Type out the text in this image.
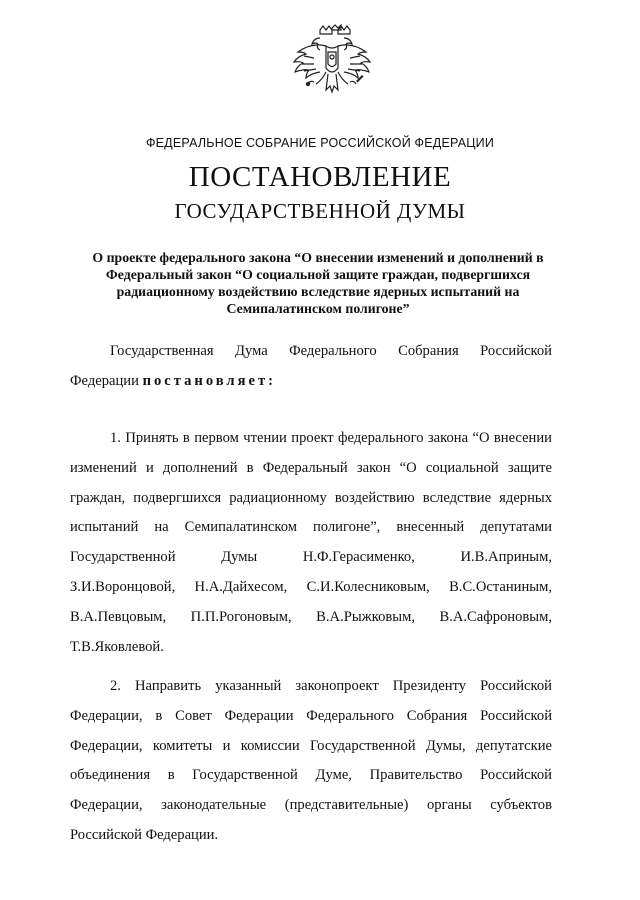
ФЕДЕРАЛЬНОЕ СОБРАНИЕ РОССИЙСКОЙ ФЕДЕРАЦИИ
ПОСТАНОВЛЕНИЕ
ГОСУДАРСТВЕННОЙ ДУМЫ
О проекте федерального закона “О внесении изменений и дополнений в
Федеральный закон “О социальной защите граждан, подвергшихся
радиационному воздействию вследствие ядерных испытаний на
Семипалатинском полигоне”
Государственная Дума Федерального Собрания Российской
Федерации постановляет:
1. Принять в первом чтении проект федерального закона “О внесении
изменений и дополнений в Федеральный закон “О социальной защите
граждан, подвергшихся радиационному воздействию вследствие ядерных
испытаний на Семипалатинском полигоне”, внесенный депутатами
Государственной Думы Н.Ф.Герасименко, И.В.Априным,
З.И.Воронцовой, Н.А.Дайхесом, С.И.Колесниковым, В.С.Останиным,
В.А.Певцовым, П.П.Рогоновым, В.А.Рыжковым, В.А.Сафроновым,
Т.В.Яковлевой.
2. Направить указанный законопроект Президенту Российской
Федерации, в Совет Федерации Федерального Собрания Российской
Федерации, комитеты и комиссии Государственной Думы, депутатские
объединения в Государственной Думе, Правительство Российской
Федерации, законодательные (представительные) органы субъектов
Российской Федерации.
